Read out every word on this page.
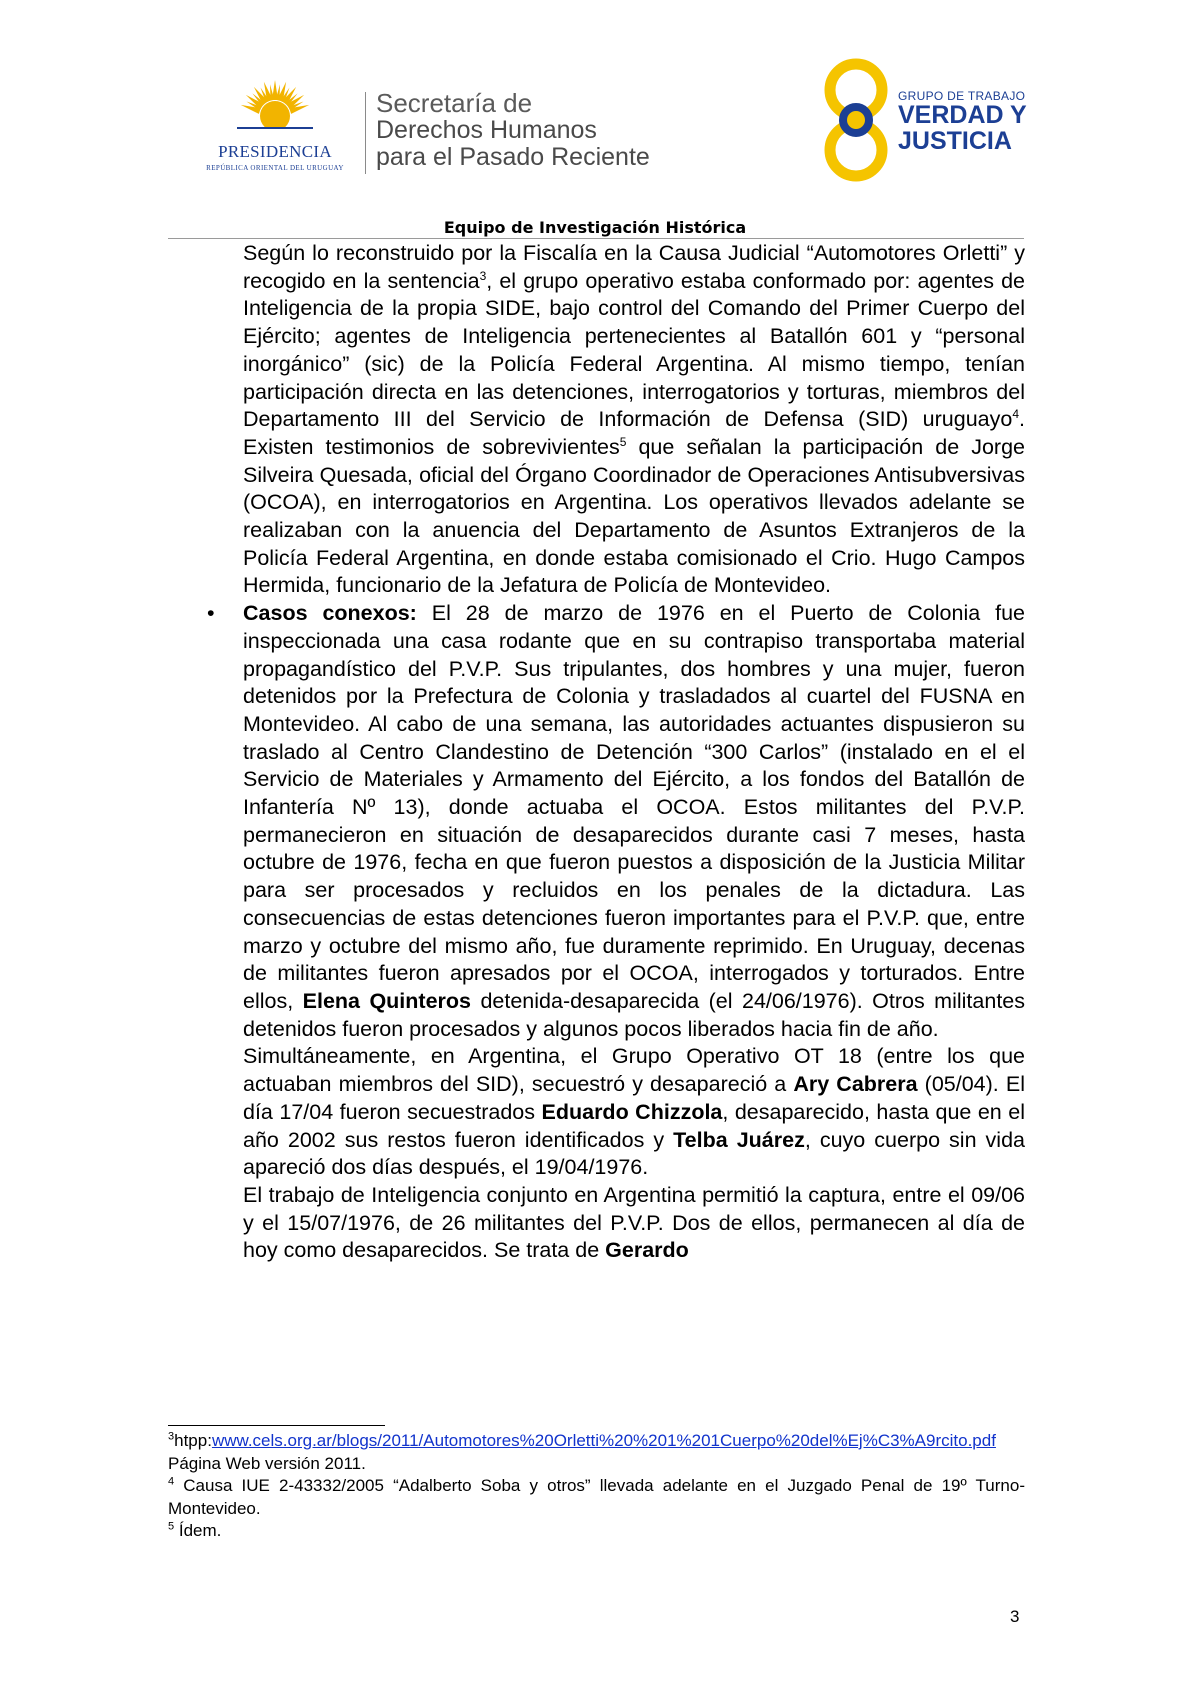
PRESIDENCIA
REPÚBLICA ORIENTAL DEL URUGUAY
Secretaría de
Derechos Humanos
para el Pasado Reciente
GRUPO DE TRABAJO
VERDAD Y
JUSTICIA
Equipo de Investigación Histórica

Según lo reconstruido por la Fiscalía en la Causa Judicial “Automotores Orletti” y recogido en la sentencia$^3$, el grupo operativo estaba conformado por: agentes de Inteligencia de la propia SIDE, bajo control del Comando del Primer Cuerpo del Ejército; agentes de Inteligencia pertenecientes al Batallón 601 y “personal inorgánico” (sic) de la Policía Federal Argentina. Al mismo tiempo, tenían participación directa en las detenciones, interrogatorios y torturas, miembros del Departamento III del Servicio de Información de Defensa (SID) uruguayo$^4$. Existen testimonios de sobrevivientes$^5$ que señalan la participación de Jorge Silveira Quesada, oficial del Órgano Coordinador de Operaciones Antisubversivas (OCOA), en interrogatorios en Argentina. Los operativos llevados adelante se realizaban con la anuencia del Departamento de Asuntos Extranjeros de la Policía Federal Argentina, en donde estaba comisionado el Crio. Hugo Campos Hermida, funcionario de la Jefatura de Policía de Montevideo.

• Casos conexos: El 28 de marzo de 1976 en el Puerto de Colonia fue inspeccionada una casa rodante que en su contrapiso transportaba material propagandístico del P.V.P. Sus tripulantes, dos hombres y una mujer, fueron detenidos por la Prefectura de Colonia y trasladados al cuartel del FUSNA en Montevideo. Al cabo de una semana, las autoridades actuantes dispusieron su traslado al Centro Clandestino de Detención “300 Carlos” (instalado en el el Servicio de Materiales y Armamento del Ejército, a los fondos del Batallón de Infantería Nº 13), donde actuaba el OCOA. Estos militantes del P.V.P. permanecieron en situación de desaparecidos durante casi 7 meses, hasta octubre de 1976, fecha en que fueron puestos a disposición de la Justicia Militar para ser procesados y recluidos en los penales de la dictadura. Las consecuencias de estas detenciones fueron importantes para el P.V.P. que, entre marzo y octubre del mismo año, fue duramente reprimido. En Uruguay, decenas de militantes fueron apresados por el OCOA, interrogados y torturados. Entre ellos, Elena Quinteros detenida-desaparecida (el 24/06/1976). Otros militantes detenidos fueron procesados y algunos pocos liberados hacia fin de año.

Simultáneamente, en Argentina, el Grupo Operativo OT 18 (entre los que actuaban miembros del SID), secuestró y desapareció a Ary Cabrera (05/04). El día 17/04 fueron secuestrados Eduardo Chizzola, desaparecido, hasta que en el año 2002 sus restos fueron identificados y Telba Juárez, cuyo cuerpo sin vida apareció dos días después, el 19/04/1976.

El trabajo de Inteligencia conjunto en Argentina permitió la captura, entre el 09/06 y el 15/07/1976, de 26 militantes del P.V.P. Dos de ellos, permanecen al día de hoy como desaparecidos. Se trata de Gerardo

$^3$htpp:www.cels.org.ar/blogs/2011/Automotores%20Orletti%20%201%201Cuerpo%20del%Ej%C3%A9rcito.pdf Página Web versión 2011.

$^4$ Causa IUE 2-43332/2005 “Adalberto Soba y otros” llevada adelante en el Juzgado Penal de 19º Turno-Montevideo.

$^5$ Ídem.

3
